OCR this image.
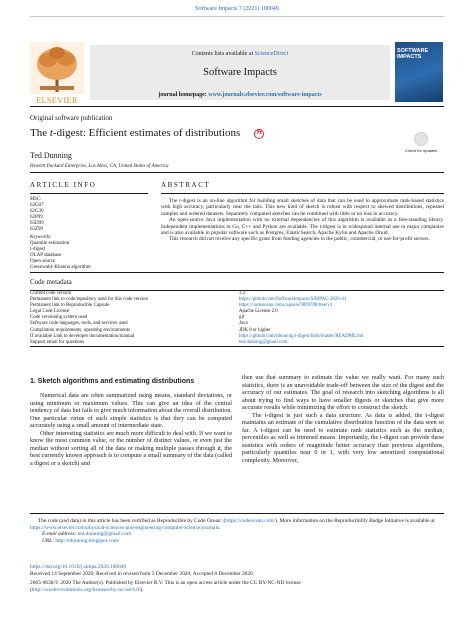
Software Impacts 7 (2021) 100049
ELSEVIER
Contents lists available at ScienceDirect
Software Impacts
journal homepage: www.journals.elsevier.com/software-impacts
SOFTWARE IMPACTS
Original software publication
The t-digest: Efficient estimates of distributions
R
Check for updates
Ted Dunning
Hewlett Packard Enterprise, Los Altos, CA, United States of America
ARTICLE INFO	ABSTRACT
MSC:
62G07
62G30
62P99
65D99
65Z99
Keywords:
Quantile estimation
t-digest
OLAP database
Open source
Greenwald–Khanna algorithm

The t-digest is an on-line algorithm for building small sketches of data that can be used to approximate rank-based statistics with high accuracy, particularly near the tails. This new kind of sketch is robust with respect to skewed distributions, repeated samples and ordered datasets. Separately computed sketches can be combined with little or no loss in accuracy.

An open-source Java implementation with no external dependencies of this algorithm is available as a free-standing library. Independent implementations in Go, C++ and Python are available. The t-digest is in widespread internal use in major companies and is also available in popular software such as Postgres, ElasticSearch, Apache Kylin and Apache Druid.

This research did not receive any specific grant from funding agencies in the public, commercial, or not-for-profit sectors.

Code metadata
Current code version	3.2
Permanent link to code/repository used for this code version	https://github.com/SoftwareImpacts/SIMPAC-2020-41
Permanent link to Reproducible Capsule	https://codeocean.com/capsule/9899788/tree/v1
Legal Code License	Apache License 2.0
Code versioning system used	git
Software code languages, tools, and services used	Java
Compilation requirements, operating environments	JDK 8 or higher
If available Link to developer documentation/manual	https://github.com/tdunning/t-digest/blob/master/README.md
Support email for questions	ted.dunning@gmail.com
1. Sketch algorithms and estimating distributions

Numerical data are often summarized using means, standard deviations, or using minimum or maximum values. This can give an idea of the central tendency of data but fails to give much information about the overall distribution. One particular virtue of such simple statistics is that they can be computed accurately using a small amount of intermediate state.

Other interesting statistics are much more difficult to deal with. If we want to know the most common value, or the number of distinct values, or even just the median without sorting all of the data or making multiple passes through it, the best currently known approach is to compute a small summary of the data (called a digest or a sketch) and

then use that summary to estimate the value we really want. For many such statistics, there is an unavoidable trade-off between the size of the digest and the accuracy of our estimates. The goal of research into sketching algorithms is all about trying to find ways to have smaller digests or sketches that give more accurate results while minimizing the effort to construct the sketch.

The t-digest is just such a data structure. As data is added, the t-digest maintains an estimate of the cumulative distribution function of the data seen so far. A t-digest can be used to estimate rank statistics such as the median, percentiles as well as trimmed means. Importantly, the t-digest can provide these statistics with orders of magnitude better accuracy than previous algorithms, particularly quantiles near 0 or 1, with very low amortized computational complexity. Moreover,

The code (and data) in this article has been certified as Reproducible by Code Ocean: (https://codeocean.com/). More information on the Reproducibility Badge Initiative is available at https://www.elsevier.com/physical-sciences-and-engineering/computer-science/journals.

E-mail address: ted.dunning@gmail.com
URL: http://tdunning.blogspot.com/
https://doi.org/10.1016/j.simpa.2020.100049
Received 14 September 2020; Received in revised form 5 December 2020; Accepted 8 December 2020
2665-9638/© 2020 The Author(s). Published by Elsevier B.V. This is an open access article under the CC BY-NC-ND license
(http://creativecommons.org/licenses/by-nc-nd/4.0/).
